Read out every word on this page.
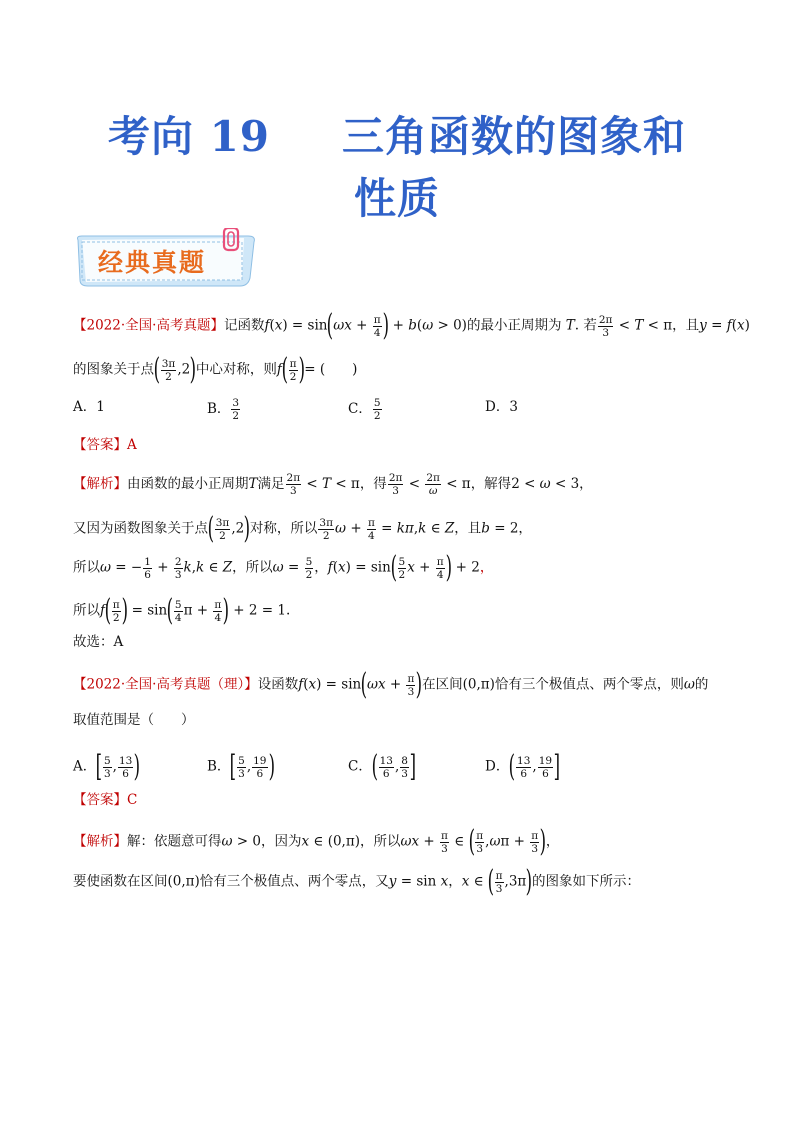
考向 19 三角函数的图象和
性质
经典真题
【2022·全国·高考真题】记函数$f(x) = \sin(\omega x + \frac{\pi}{4}$ ) + b(ω > 0)的最小正周期为 T. 若 $\frac{2\pi}{3} < T < \pi$，且y = f(x)
的图象关于点( $\frac{3\pi}{2} ,2$)中心对称，则$f( \frac{\pi}{2}$ )= (　　)
A．1	B． $\frac{3}{2}$	C． $\frac{5}{2}$	D．3
【答案】A
【解析】由函数的最小正周期T满足 $\frac{2\pi}{3} < T < \pi$，得 $\frac{2\pi}{3} < \frac{2\pi}{\omega} < \pi$，解得2 < ω < 3，
又因为函数图象关于点( $\frac{3\pi}{2} ,2$)对称，所以 $\frac{3\pi}{2}$ $\omega + \frac{\pi}{4} = k\pi,k$ ∈ Z，且b = 2，
所以ω = − $\frac{1}{6} + \frac{2}{3} k,k$ ∈ Z，所以$\omega = \frac{5}{2}$ ，$f(x) = \sin( \frac{5}{2}$ $x + \frac{\pi}{4}$ ) + 2，
所以$f( \frac{\pi}{2}$ ) = $\sin( \frac{5}{4}$ $\pi + \frac{\pi}{4}$ ) + 2 = 1.
故选：A
【2022·全国·高考真题（理）】设函数$f(x) = \sin(\omega x + \frac{\pi}{3}$ )在区间(0,π)恰有三个极值点、两个零点，则ω的
取值范围是（　　）
A．[ $\frac{5}{3}$ , $\frac{13}{6}$ )	B．[ $\frac{5}{3}$ , $\frac{19}{6}$ )	C．( $\frac{13}{6}$ , $\frac{8}{3}$ ]	D．( $\frac{13}{6}$ , $\frac{19}{6}$ ]
【答案】C
【解析】解：依题意可得ω > 0，因为x ∈ (0,π)，所以$\omega x + \frac{\pi}{3}$ ∈ ( $\frac{\pi}{3} ,\omega\pi + \frac{\pi}{3}$ )，
要使函数在区间(0,π)恰有三个极值点、两个零点，又y = sin x，x ∈ ( $\frac{\pi}{3} ,3\pi$)的图象如下所示：
